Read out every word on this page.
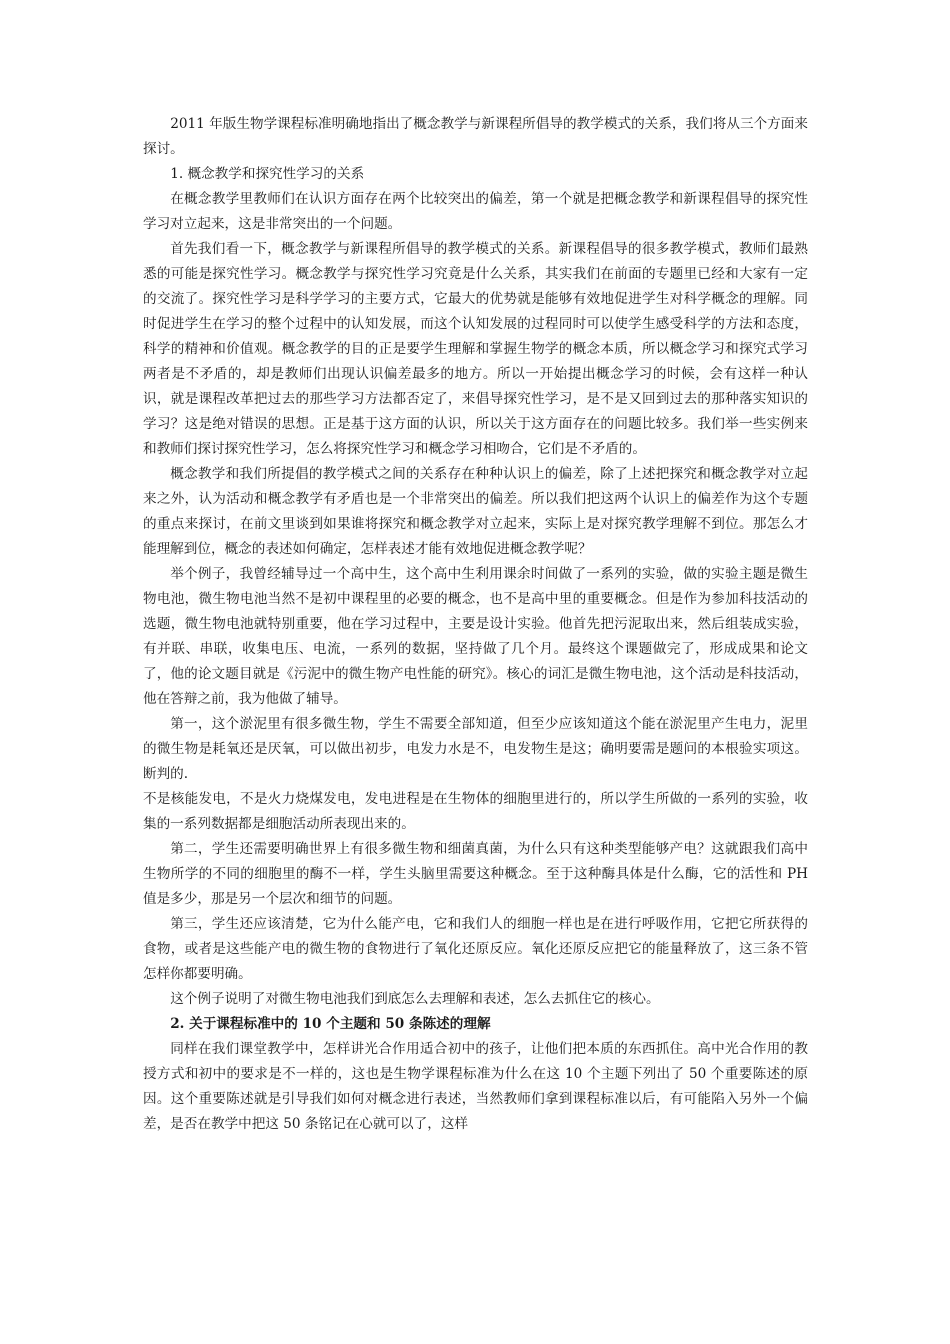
2011 年版生物学课程标准明确地指出了概念教学与新课程所倡导的教学模式的关系，我们将从三个方面来探讨。

1. 概念教学和探究性学习的关系

在概念教学里教师们在认识方面存在两个比较突出的偏差，第一个就是把概念教学和新课程倡导的探究性学习对立起来，这是非常突出的一个问题。

首先我们看一下，概念教学与新课程所倡导的教学模式的关系。新课程倡导的很多教学模式，教师们最熟悉的可能是探究性学习。概念教学与探究性学习究竟是什么关系，其实我们在前面的专题里已经和大家有一定的交流了。探究性学习是科学学习的主要方式，它最大的优势就是能够有效地促进学生对科学概念的理解。同时促进学生在学习的整个过程中的认知发展，而这个认知发展的过程同时可以使学生感受科学的方法和态度，科学的精神和价值观。概念教学的目的正是要学生理解和掌握生物学的概念本质，所以概念学习和探究式学习两者是不矛盾的，却是教师们出现认识偏差最多的地方。所以一开始提出概念学习的时候，会有这样一种认识，就是课程改革把过去的那些学习方法都否定了，来倡导探究性学习，是不是又回到过去的那种落实知识的学习？这是绝对错误的思想。正是基于这方面的认识，所以关于这方面存在的问题比较多。我们举一些实例来和教师们探讨探究性学习，怎么将探究性学习和概念学习相吻合，它们是不矛盾的。

概念教学和我们所提倡的教学模式之间的关系存在种种认识上的偏差，除了上述把探究和概念教学对立起来之外，认为活动和概念教学有矛盾也是一个非常突出的偏差。所以我们把这两个认识上的偏差作为这个专题的重点来探讨，在前文里谈到如果谁将探究和概念教学对立起来，实际上是对探究教学理解不到位。那怎么才能理解到位，概念的表述如何确定，怎样表述才能有效地促进概念教学呢？

举个例子，我曾经辅导过一个高中生，这个高中生利用课余时间做了一系列的实验，做的实验主题是微生物电池，微生物电池当然不是初中课程里的必要的概念，也不是高中里的重要概念。但是作为参加科技活动的选题，微生物电池就特别重要，他在学习过程中，主要是设计实验。他首先把污泥取出来，然后组装成实验，有并联、串联，收集电压、电流，一系列的数据，坚持做了几个月。最终这个课题做完了，形成成果和论文了，他的论文题目就是《污泥中的微生物产电性能的研究》。核心的词汇是微生物电池，这个活动是科技活动，他在答辩之前，我为他做了辅导。

第一，这个淤泥里有很多微生物，学生不需要全部知道，但至少应该知道这个能在淤泥里产生电力，泥里的微生物是耗氧还是厌氧，可以做出初步，电发力水是不，电发物生是这；确明要需是题问的本根验实项这。断判的.

不是核能发电，不是火力烧煤发电，发电进程是在生物体的细胞里进行的，所以学生所做的一系列的实验，收集的一系列数据都是细胞活动所表现出来的。

第二，学生还需要明确世界上有很多微生物和细菌真菌，为什么只有这种类型能够产电？这就跟我们高中生物所学的不同的细胞里的酶不一样，学生头脑里需要这种概念。至于这种酶具体是什么酶，它的活性和 PH 值是多少，那是另一个层次和细节的问题。

第三，学生还应该清楚，它为什么能产电，它和我们人的细胞一样也是在进行呼吸作用，它把它所获得的食物，或者是这些能产电的微生物的食物进行了氧化还原反应。氧化还原反应把它的能量释放了，这三条不管怎样你都要明确。

这个例子说明了对微生物电池我们到底怎么去理解和表述，怎么去抓住它的核心。

2. 关于课程标准中的 10 个主题和 50 条陈述的理解

同样在我们课堂教学中，怎样讲光合作用适合初中的孩子，让他们把本质的东西抓住。高中光合作用的教授方式和初中的要求是不一样的，这也是生物学课程标准为什么在这 10 个主题下列出了 50 个重要陈述的原因。这个重要陈述就是引导我们如何对概念进行表述，当然教师们拿到课程标准以后，有可能陷入另外一个偏差，是否在教学中把这 50 条铭记在心就可以了，这样
